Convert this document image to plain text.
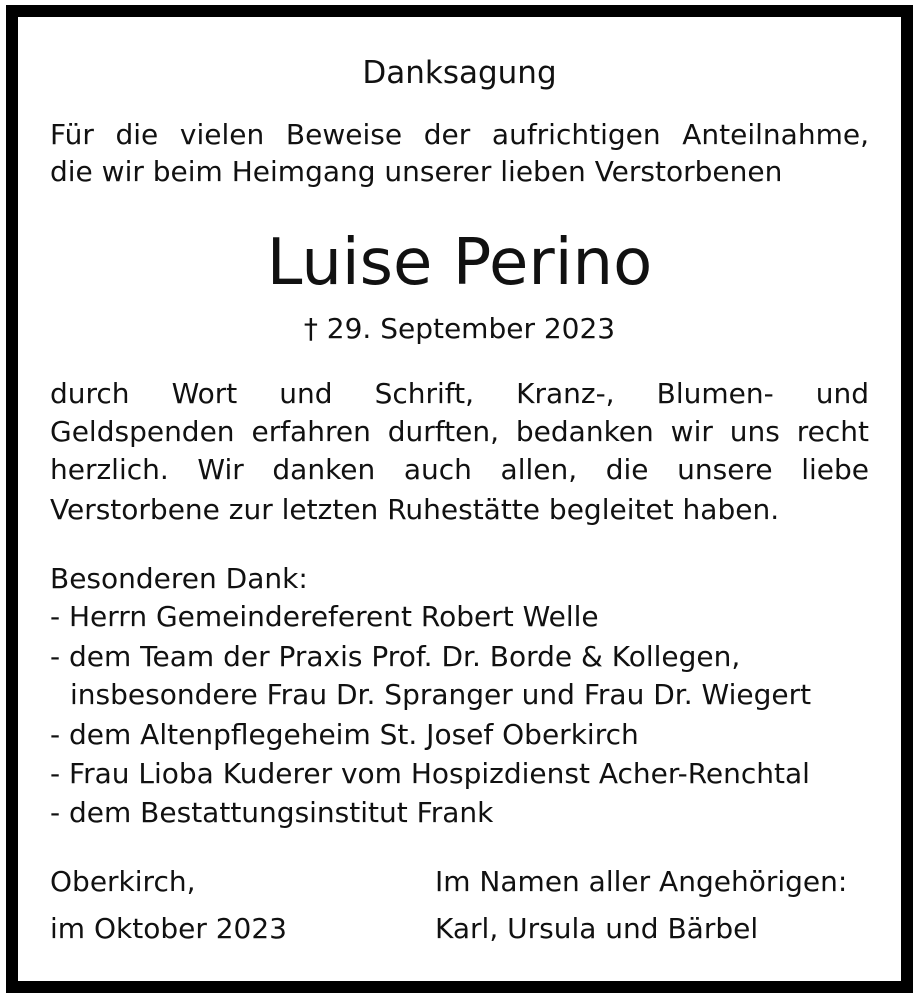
Danksagung
Für die vielen Beweise der aufrichtigen Anteilnahme,
die wir beim Heimgang unserer lieben Verstorbenen
Luise Perino
† 29. September 2023
durch Wort und Schrift, Kranz-, Blumen- und
Geldspenden erfahren durften, bedanken wir uns recht
herzlich. Wir danken auch allen, die unsere liebe
Verstorbene zur letzten Ruhestätte begleitet haben.
Besonderen Dank:
- Herrn Gemeindereferent Robert Welle
- dem Team der Praxis Prof. Dr. Borde & Kollegen,
insbesondere Frau Dr. Spranger und Frau Dr. Wiegert
- dem Altenpflegeheim St. Josef Oberkirch
- Frau Lioba Kuderer vom Hospizdienst Acher-Renchtal
- dem Bestattungsinstitut Frank
Oberkirch,
im Oktober 2023
Im Namen aller Angehörigen:
Karl, Ursula und Bärbel
